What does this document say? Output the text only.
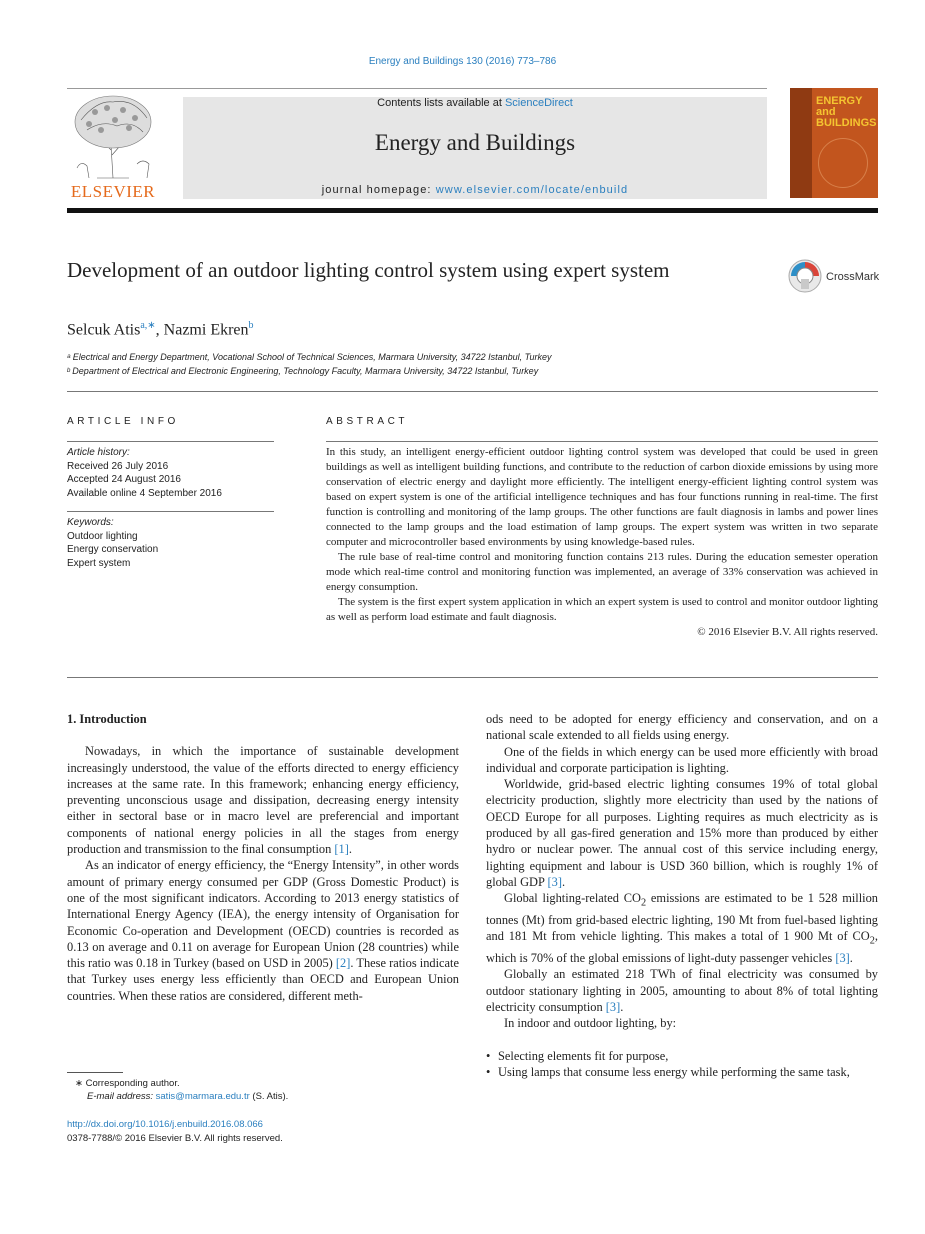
Energy and Buildings 130 (2016) 773–786
ELSEVIER
Contents lists available at ScienceDirect
Energy and Buildings
journal homepage: www.elsevier.com/locate/enbuild
ENERGY
and
BUILDINGS
Development of an outdoor lighting control system using expert system	CrossMark
Selcuk Atis$^{a,∗}$, Nazmi Ekren$^b$
ᵃ Electrical and Energy Department, Vocational School of Technical Sciences, Marmara University, 34722 Istanbul, Turkey
ᵇ Department of Electrical and Electronic Engineering, Technology Faculty, Marmara University, 34722 Istanbul, Turkey
ARTICLE INFO
Article history:
Received 26 July 2016
Accepted 24 August 2016
Available online 4 September 2016
Keywords:
Outdoor lighting
Energy conservation
Expert system
ABSTRACT

In this study, an intelligent energy-efficient outdoor lighting control system was developed that could be used in green buildings as well as intelligent building functions, and contribute to the reduction of carbon dioxide emissions by using more conservation of electric energy and daylight more efficiently. The intelligent energy-efficient lighting control system was based on expert system is one of the artificial intelligence techniques and has four functions running in real-time. The first function is controlling and monitoring of the lamp groups. The other functions are fault diagnosis in lambs and power lines connected to the lamp groups and the load estimation of lamp groups. The expert system was written in two separate computer and microcontroller based environments by using knowledge-based rules.

The rule base of real-time control and monitoring function contains 213 rules. During the education semester operation mode which real-time control and monitoring function was implemented, an average of 33% conservation was achieved in energy consumption.

The system is the first expert system application in which an expert system is used to control and monitor outdoor lighting as well as perform load estimate and fault diagnosis.

© 2016 Elsevier B.V. All rights reserved.
1. Introduction

Nowadays, in which the importance of sustainable development increasingly understood, the value of the efforts directed to energy efficiency increases at the same rate. In this framework; enhancing energy efficiency, preventing unconscious usage and dissipation, decreasing energy intensity either in sectoral base or in macro level are preferencial and important components of national energy policies in all the stages from energy production and transmission to the final consumption [1].

As an indicator of energy efficiency, the “Energy Intensity”, in other words amount of primary energy consumed per GDP (Gross Domestic Product) is one of the most significant indicators. According to 2013 energy statistics of International Energy Agency (IEA), the energy intensity of Organisation for Economic Co-operation and Development (OECD) countries is recorded as 0.13 on average and 0.11 on average for European Union (28 countries) while this ratio was 0.18 in Turkey (based on USD in 2005) [2]. These ratios indicate that Turkey uses energy less efficiently than OECD and European Union countries. When these ratios are considered, different meth-

ods need to be adopted for energy efficiency and conservation, and on a national scale extended to all fields using energy.

One of the fields in which energy can be used more efficiently with broad individual and corporate participation is lighting.

Worldwide, grid-based electric lighting consumes 19% of total global electricity production, slightly more electricity than used by the nations of OECD Europe for all purposes. Lighting requires as much electricity as is produced by all gas-fired generation and 15% more than produced by either hydro or nuclear power. The annual cost of this service including energy, lighting equipment and labour is USD 360 billion, which is roughly 1% of global GDP [3].

Global lighting-related $CO_2$ emissions are estimated to be 1 528 million tonnes (Mt) from grid-based electric lighting, 190 Mt from fuel-based lighting and 181 Mt from vehicle lighting. This makes a total of 1 900 Mt of $CO_2$, which is 70% of the global emissions of light-duty passenger vehicles [3].

Globally an estimated 218 TWh of final electricity was consumed by outdoor stationary lighting in 2005, amounting to about 8% of total lighting electricity consumption [3].

In indoor and outdoor lighting, by:

• Selecting elements fit for purpose,
• Using lamps that consume less energy while performing the same task,
∗ Corresponding author.
E-mail address: satis@marmara.edu.tr (S. Atis).
http://dx.doi.org/10.1016/j.enbuild.2016.08.066
0378-7788/© 2016 Elsevier B.V. All rights reserved.
